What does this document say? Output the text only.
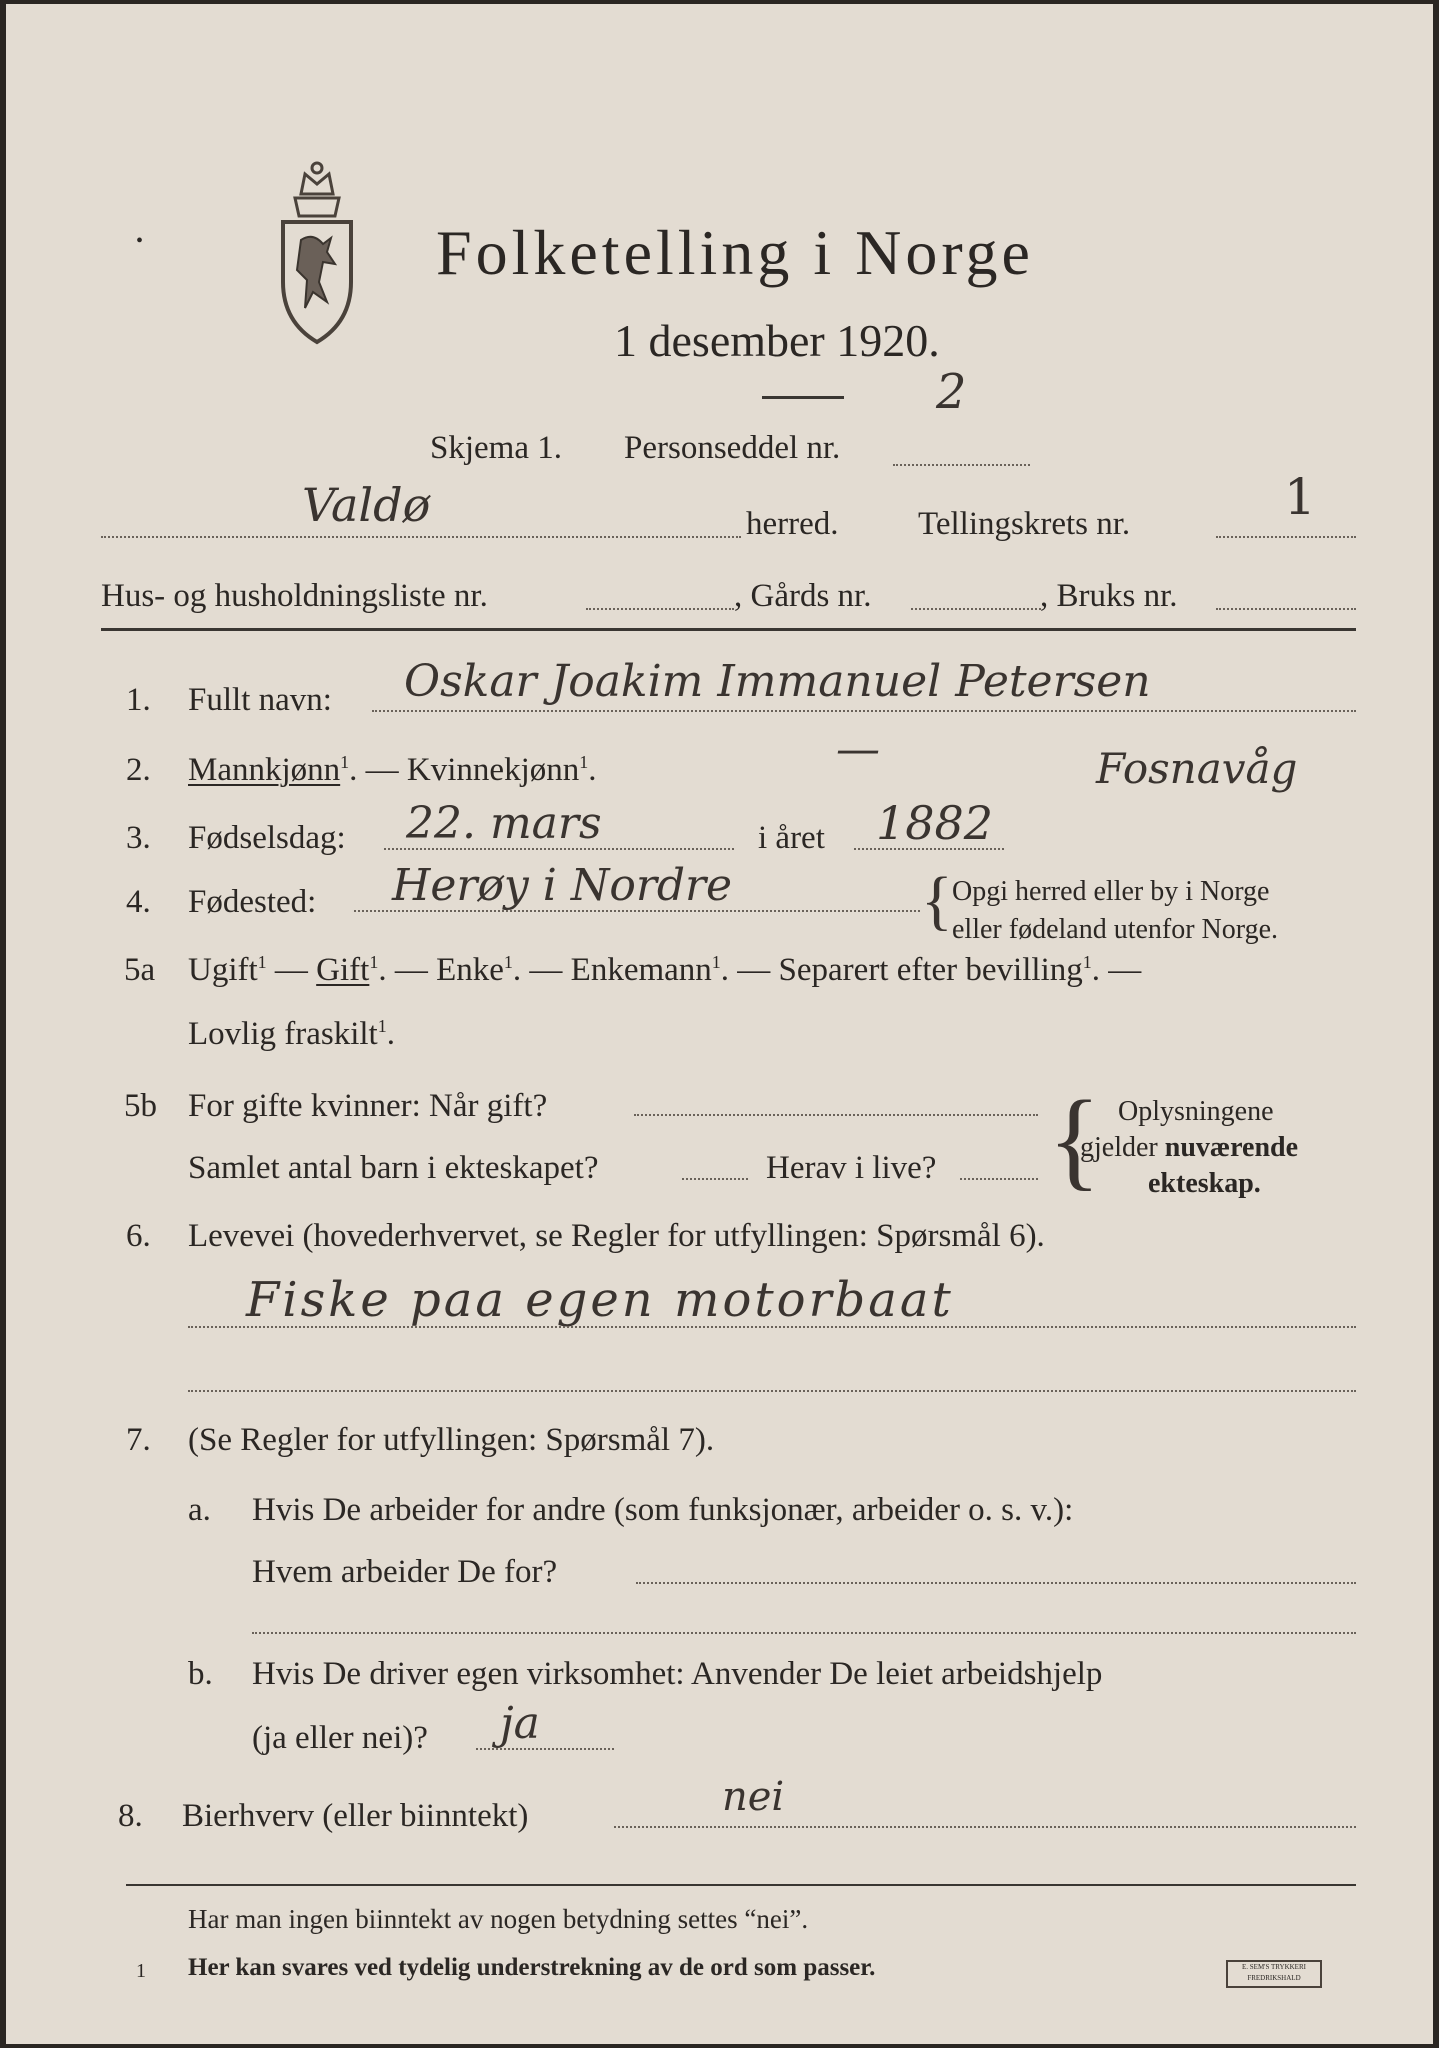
•	Folketelling i Norge
1 desember 1920.
2
Skjema 1. Personseddel nr.
Valdø	herred. Tellingskrets nr.	1
Hus- og husholdningsliste nr.	, Gårds nr.	, Bruks nr.
1. Fullt navn: Oskar Joakim Immanuel Petersen
2. Mannkjønn$^1$. — Kvinnekjønn$^1$.	—	Fosnavåg
3. Fødselsdag: 22. mars	i året 1882
4. Fødested: Herøy i Nordre	{ Opgi herred eller by i Norge
eller fødeland utenfor Norge.
5a Ugift$^1$ — Gift$^1$. — Enke$^1$. — Enkemann$^1$. — Separert efter bevilling$^1$. —
Lovlig fraskilt$^1$.
5b For gifte kvinner: Når gift?
Samlet antal barn i ekteskapet?	Herav i live? { Oplysningene
gjelder nuværende
ekteskap.
6. Levevei (hovederhvervet, se Regler for utfyllingen: Spørsmål 6).
Fiske paa egen motorbaat
7. (Se Regler for utfyllingen: Spørsmål 7).
a. Hvis De arbeider for andre (som funksjonær, arbeider o. s. v.):
Hvem arbeider De for?
b. Hvis De driver egen virksomhet: Anvender De leiet arbeidshjelp
(ja eller nei)? ja
8. Bierhverv (eller biinntekt)	nei
Har man ingen biinntekt av nogen betydning settes “nei”.
1 Her kan svares ved tydelig understrekning av de ord som passer.	E. SEM'S TRYKKERI FREDRIKSHALD
